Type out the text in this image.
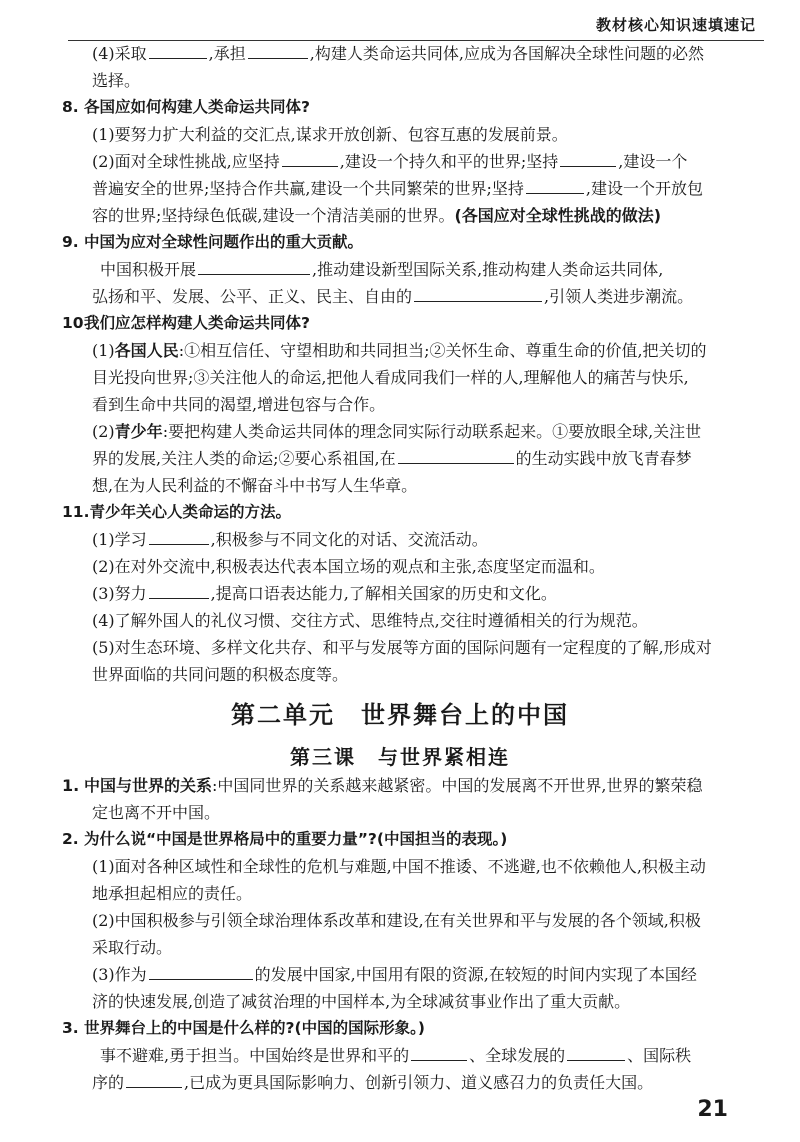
教材核心知识速填速记
(4)采取	,承担	,构建人类命运共同体,应成为各国解决全球性问题的必然
选择。
8. 各国应如何构建人类命运共同体?
(1)要努力扩大利益的交汇点,谋求开放创新、包容互惠的发展前景。
(2)面对全球性挑战,应坚持	,建设一个持久和平的世界;坚持	,建设一个
普遍安全的世界;坚持合作共赢,建设一个共同繁荣的世界;坚持	,建设一个开放包
容的世界;坚持绿色低碳,建设一个清洁美丽的世界。(各国应对全球性挑战的做法)
9. 中国为应对全球性问题作出的重大贡献。
中国积极开展	,推动建设新型国际关系,推动构建人类命运共同体,
弘扬和平、发展、公平、正义、民主、自由的	,引领人类进步潮流。
10我们应怎样构建人类命运共同体?
(1)各国人民:①相互信任、守望相助和共同担当;②关怀生命、尊重生命的价值,把关切的
目光投向世界;③关注他人的命运,把他人看成同我们一样的人,理解他人的痛苦与快乐,
看到生命中共同的渴望,增进包容与合作。
(2)青少年:要把构建人类命运共同体的理念同实际行动联系起来。①要放眼全球,关注世
界的发展,关注人类的命运;②要心系祖国,在	的生动实践中放飞青春梦
想,在为人民利益的不懈奋斗中书写人生华章。
11.青少年关心人类命运的方法。
(1)学习	,积极参与不同文化的对话、交流活动。
(2)在对外交流中,积极表达代表本国立场的观点和主张,态度坚定而温和。
(3)努力	,提高口语表达能力,了解相关国家的历史和文化。
(4)了解外国人的礼仪习惯、交往方式、思维特点,交往时遵循相关的行为规范。
(5)对生态环境、多样文化共存、和平与发展等方面的国际问题有一定程度的了解,形成对
世界面临的共同问题的积极态度等。
第二单元　世界舞台上的中国
第三课　与世界紧相连
1. 中国与世界的关系:中国同世界的关系越来越紧密。中国的发展离不开世界,世界的繁荣稳
定也离不开中国。
2. 为什么说“中国是世界格局中的重要力量”?(中国担当的表现。)
(1)面对各种区域性和全球性的危机与难题,中国不推诿、不逃避,也不依赖他人,积极主动
地承担起相应的责任。
(2)中国积极参与引领全球治理体系改革和建设,在有关世界和平与发展的各个领域,积极
采取行动。
(3)作为	的发展中国家,中国用有限的资源,在较短的时间内实现了本国经
济的快速发展,创造了减贫治理的中国样本,为全球减贫事业作出了重大贡献。
3. 世界舞台上的中国是什么样的?(中国的国际形象。)
事不避难,勇于担当。中国始终是世界和平的	、全球发展的	、国际秩
序的	,已成为更具国际影响力、创新引领力、道义感召力的负责任大国。
21
